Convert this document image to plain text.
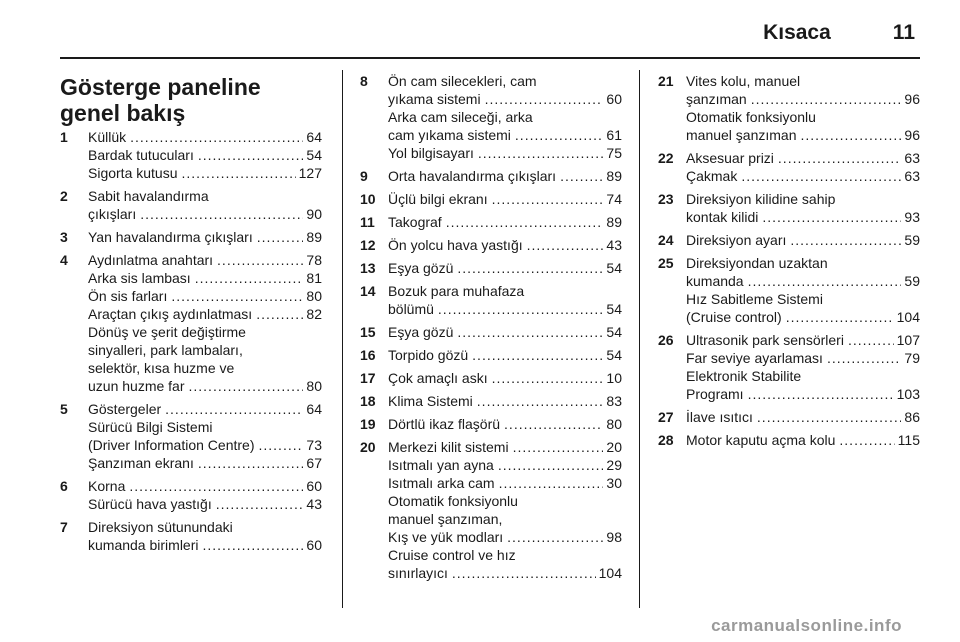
Kısaca	11
Gösterge paneline genel bakış
1	Küllük .....	64
Bardak tutucuları .....	54
Sigorta kutusu .....	127
2	Sabit havalandırma
çıkışları .....	90
3	Yan havalandırma çıkışları .....	89
4	Aydınlatma anahtarı .....	78
Arka sis lambası .....	81
Ön sis farları .....	80
Araçtan çıkış aydınlatması .....	82
Dönüş ve şerit değiştirme
sinyalleri, park lambaları,
selektör, kısa huzme ve
uzun huzme far .....	80
5	Göstergeler .....	64
Sürücü Bilgi Sistemi
(Driver Information Centre) .....	73
Şanzıman ekranı .....	67
6	Korna .....	60
Sürücü hava yastığı .....	43
7	Direksiyon sütunundaki
kumanda birimleri .....	60
8	Ön cam silecekleri, cam
yıkama sistemi .....	60
Arka cam sileceği, arka
cam yıkama sistemi .....	61
Yol bilgisayarı .....	75
9	Orta havalandırma çıkışları .....	89
10 Üçlü bilgi ekranı .....	74
11 Takograf .....	89
12 Ön yolcu hava yastığı .....	43
13 Eşya gözü .....	54
14 Bozuk para muhafaza
bölümü .....	54
15 Eşya gözü .....	54
16 Torpido gözü .....	54
17 Çok amaçlı askı .....	10
18 Klima Sistemi .....	83
19 Dörtlü ikaz flaşörü .....	80
20 Merkezi kilit sistemi .....	20
Isıtmalı yan ayna .....	29
Isıtmalı arka cam .....	30
Otomatik fonksiyonlu
manuel şanzıman,
Kış ve yük modları .....	98
Cruise control ve hız
sınırlayıcı .....	104
21 Vites kolu, manuel
şanzıman .....	96
Otomatik fonksiyonlu
manuel şanzıman .....	96
22 Aksesuar prizi .....	63
Çakmak .....	63
23 Direksiyon kilidine sahip
kontak kilidi .....	93
24 Direksiyon ayarı .....	59
25 Direksiyondan uzaktan
kumanda .....	59
Hız Sabitleme Sistemi
(Cruise control) .....	104
26 Ultrasonik park sensörleri .....	107
Far seviye ayarlaması .....	79
Elektronik Stabilite
Programı .....	103
27 İlave ısıtıcı .....	86
28 Motor kaputu açma kolu .....	115
carmanualsonline.info
